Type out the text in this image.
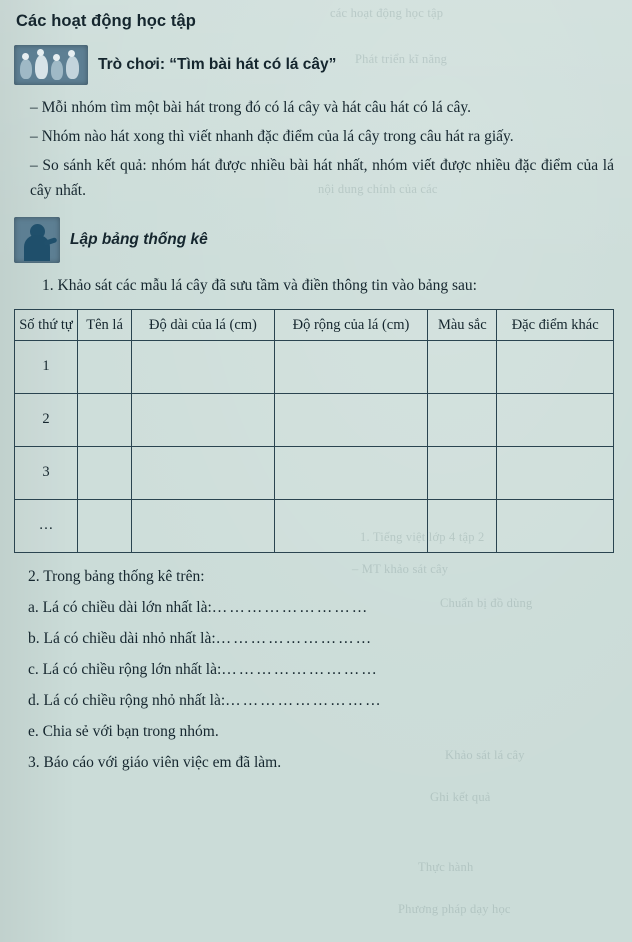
các hoạt động học tập
Phát triển kĩ năng
nội dung chính của các
1. Tiếng việt lớp 4 tập 2
– MT khảo sát cây
Chuẩn bị đồ dùng
Khảo sát lá cây
Ghi kết quả
Thực hành
Phương pháp dạy học
Các hoạt động học tập
Trò chơi: “Tìm bài hát có lá cây”

– Mỗi nhóm tìm một bài hát trong đó có lá cây và hát câu hát có lá cây.

– Nhóm nào hát xong thì viết nhanh đặc điểm của lá cây trong câu hát ra giấy.

– So sánh kết quả: nhóm hát được nhiều bài hát nhất, nhóm viết được nhiều đặc điểm của lá cây nhất.

Lập bảng thống kê

1. Khảo sát các mẫu lá cây đã sưu tầm và điền thông tin vào bảng sau:

Số thứ tự	Tên lá	Độ dài của lá (cm)	Độ rộng của lá (cm)	Màu sắc	Đặc điểm khác
1					
2					
3					
…					

2. Trong bảng thống kê trên:

a. Lá có chiều dài lớn nhất là:………………………

b. Lá có chiều dài nhỏ nhất là:………………………

c. Lá có chiều rộng lớn nhất là:………………………

d. Lá có chiều rộng nhỏ nhất là:………………………

e. Chia sẻ với bạn trong nhóm.

3. Báo cáo với giáo viên việc em đã làm.
